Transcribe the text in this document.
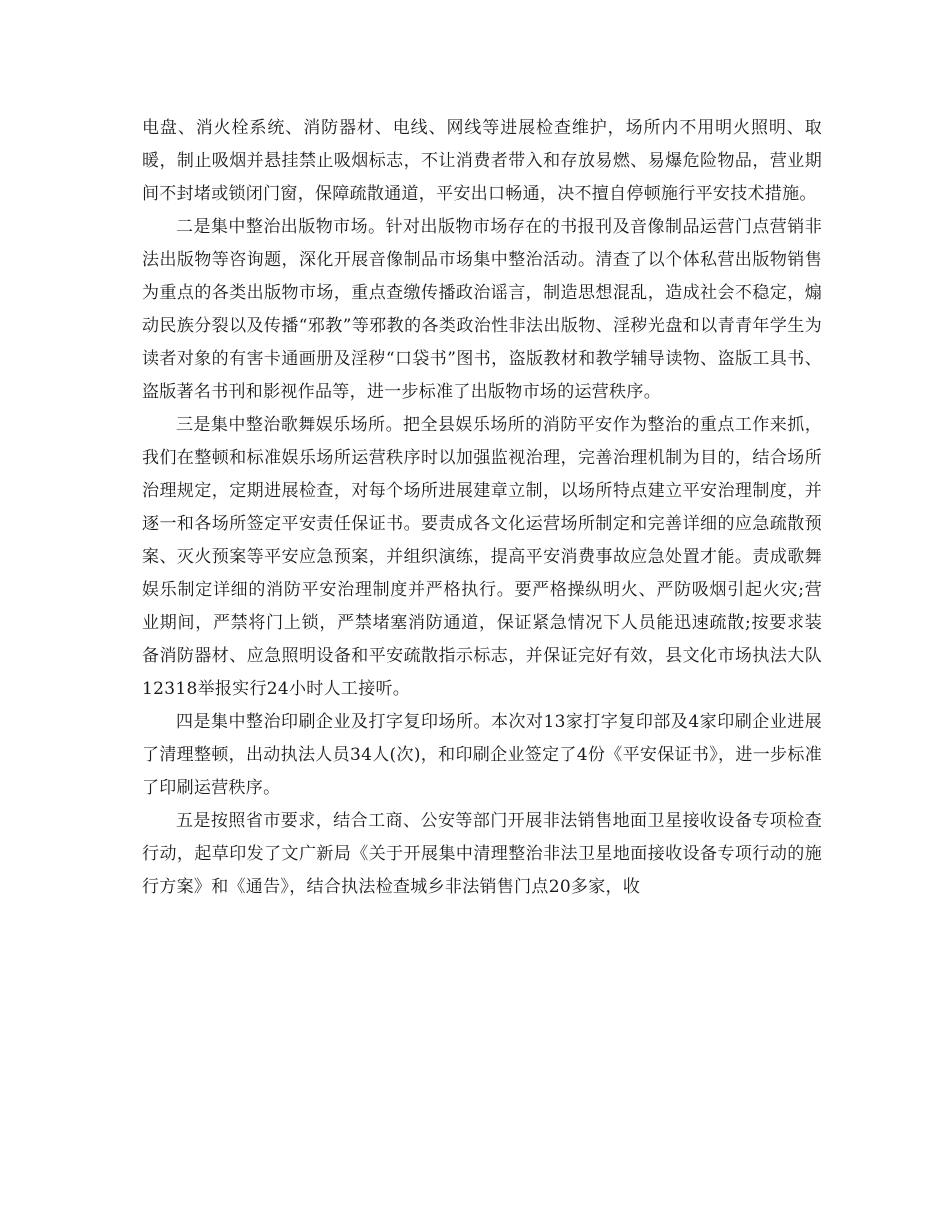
电盘、消火栓系统、消防器材、电线、网线等进展检查维护，场所内不用明火照明、取暖，制止吸烟并悬挂禁止吸烟标志，不让消费者带入和存放易燃、易爆危险物品，营业期间不封堵或锁闭门窗，保障疏散通道，平安出口畅通，决不擅自停顿施行平安技术措施。

二是集中整治出版物市场。针对出版物市场存在的书报刊及音像制品运营门点营销非法出版物等咨询题，深化开展音像制品市场集中整治活动。清查了以个体私营出版物销售为重点的各类出版物市场，重点查缴传播政治谣言，制造思想混乱，造成社会不稳定，煽动民族分裂以及传播“邪教”等邪教的各类政治性非法出版物、淫秽光盘和以青青年学生为读者对象的有害卡通画册及淫秽“口袋书”图书，盗版教材和教学辅导读物、盗版工具书、盗版著名书刊和影视作品等，进一步标准了出版物市场的运营秩序。

三是集中整治歌舞娱乐场所。把全县娱乐场所的消防平安作为整治的重点工作来抓，我们在整顿和标准娱乐场所运营秩序时以加强监视治理，完善治理机制为目的，结合场所治理规定，定期进展检查，对每个场所进展建章立制，以场所特点建立平安治理制度，并逐一和各场所签定平安责任保证书。要责成各文化运营场所制定和完善详细的应急疏散预案、灭火预案等平安应急预案，并组织演练，提高平安消费事故应急处置才能。责成歌舞娱乐制定详细的消防平安治理制度并严格执行。要严格操纵明火、严防吸烟引起火灾;营业期间，严禁将门上锁，严禁堵塞消防通道，保证紧急情况下人员能迅速疏散;按要求装备消防器材、应急照明设备和平安疏散指示标志，并保证完好有效，县文化市场执法大队12318举报实行24小时人工接听。

四是集中整治印刷企业及打字复印场所。本次对13家打字复印部及4家印刷企业进展了清理整顿，出动执法人员34人(次)，和印刷企业签定了4份《平安保证书》，进一步标准了印刷运营秩序。

五是按照省市要求，结合工商、公安等部门开展非法销售地面卫星接收设备专项检查行动，起草印发了文广新局《关于开展集中清理整治非法卫星地面接收设备专项行动的施行方案》和《通告》，结合执法检查城乡非法销售门点20多家，收
